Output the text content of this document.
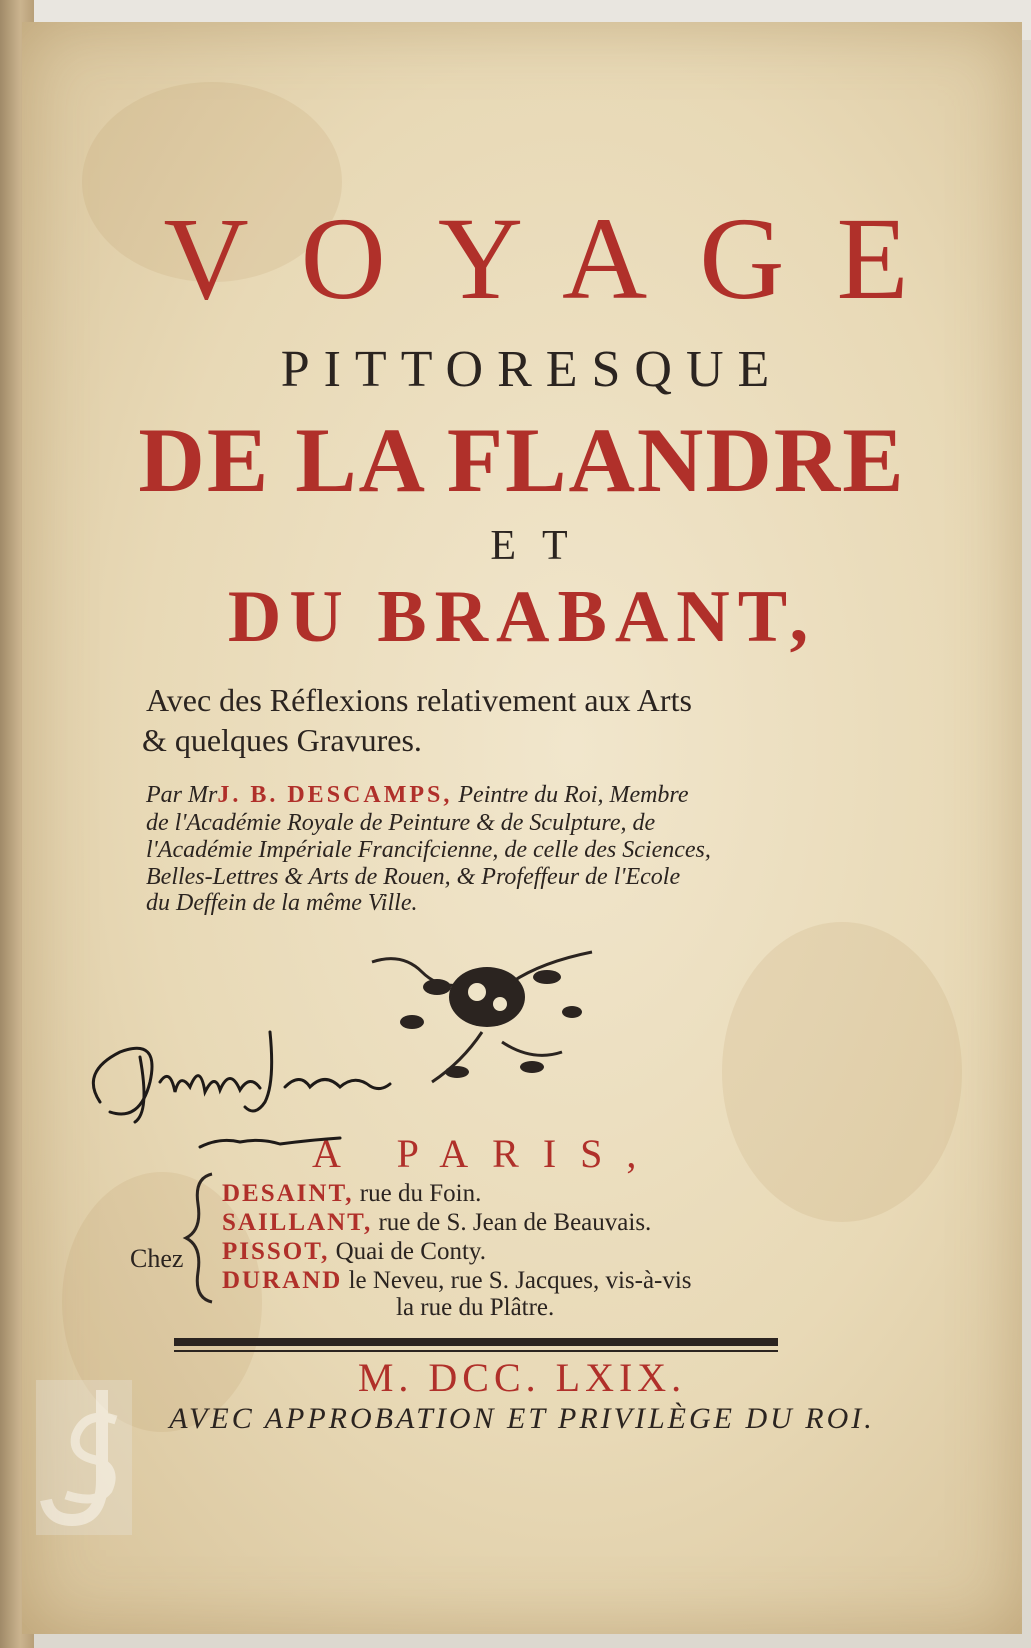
VOYAGE
PITTORESQUE
DE LA FLANDRE
ET
DU BRABANT,
Avec des Réflexions relativement aux Arts
& quelques Gravures.
Par MrJ. B. DESCAMPS, Peintre du Roi, Membre
de l'Académie Royale de Peinture & de Sculpture, de
l'Académie Impériale Francifcienne, de celle des Sciences,
Belles-Lettres & Arts de Rouen, & Profeffeur de l'Ecole
du Deffein de la même Ville.
A PARIS,
Chez
DESAINT, rue du Foin.
SAILLANT, rue de S. Jean de Beauvais.
PISSOT, Quai de Conty.
DURAND le Neveu, rue S. Jacques, vis-à-vis
la rue du Plâtre.
M. DCC. LXIX.
AVEC APPROBATION ET PRIVILÈGE DU ROI.
